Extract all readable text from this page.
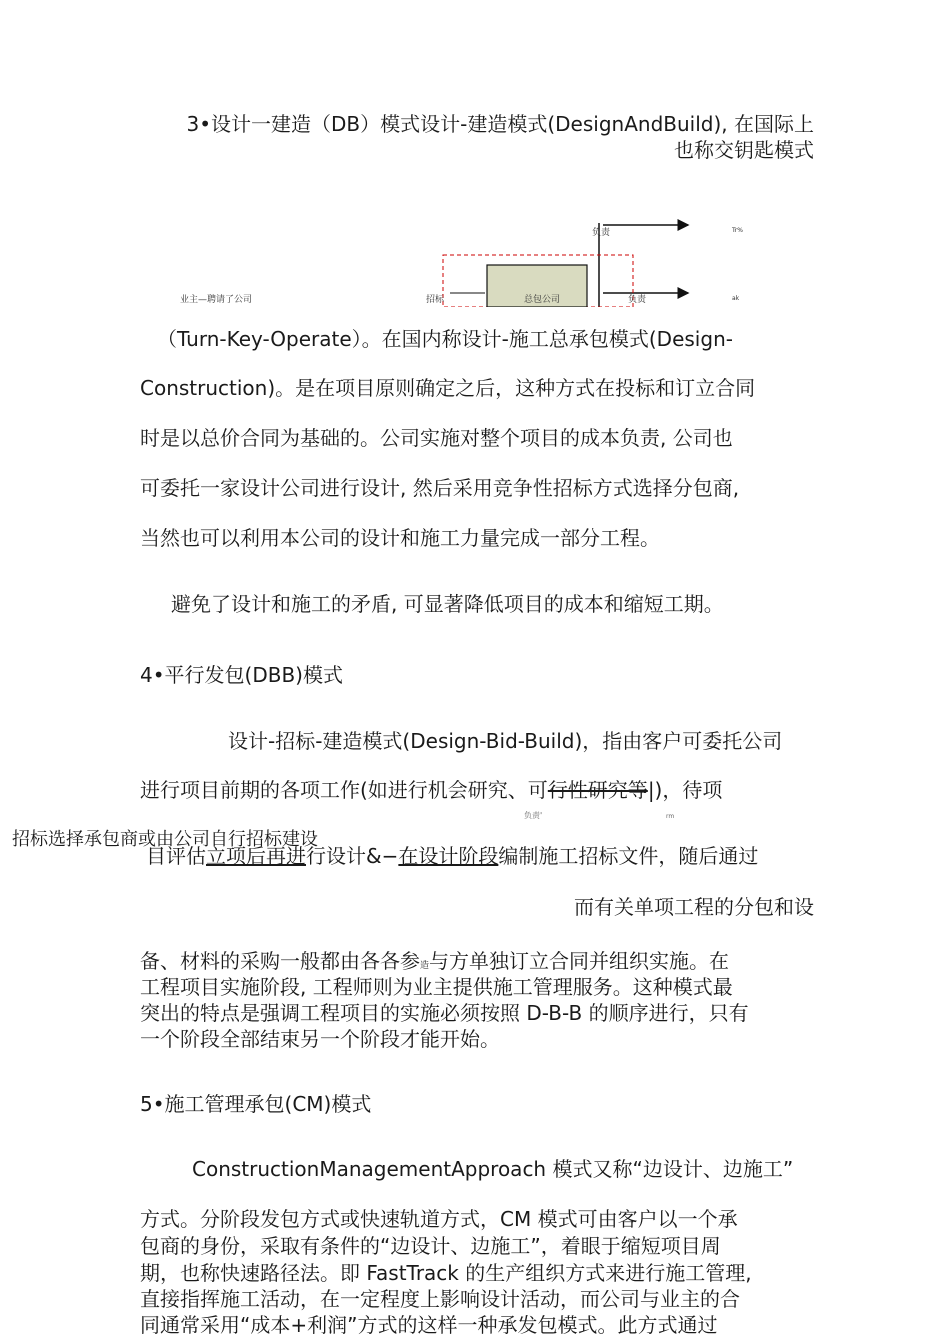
3•设计一建造（DB）模式设计-建造模式(DesignAndBuild), 在国际上
也称交钥匙模式
负责
业主—聘请了公司	招标	总包公司	负责
Tr%
ak
（Turn-Key-Operate）。在国内称设计-施工总承包模式(Design-
Construction)。是在项目原则确定之后，这种方式在投标和订立合同
时是以总价合同为基础的。公司实施对整个项目的成本负责, 公司也
可委托一家设计公司进行设计, 然后采用竞争性招标方式选择分包商,
当然也可以利用本公司的设计和施工力量完成一部分工程。
避免了设计和施工的矛盾, 可显著降低项目的成本和缩短工期。
4•平行发包(DBB)模式
设计-招标-建造模式(Design-Bid-Build)，指由客户可委托公司
进行项目前期的各项工作(如进行机会研究、可行性研究等|)，待项
负责'	rm
招标选择承包商或由公司自行招标建设
目评估立项后再进行设计&−在设计阶段编制施工招标文件，随后通过
而有关单项工程的分包和设
备、材料的采购一般都由各各参造与方单独订立合同并组织实施。在
工程项目实施阶段, 工程师则为业主提供施工管理服务。这种模式最
突出的特点是强调工程项目的实施必须按照 D-B-B 的顺序进行，只有
一个阶段全部结束另一个阶段才能开始。
5•施工管理承包(CM)模式
ConstructionManagementApproach 模式又称“边设计、边施工”
方式。分阶段发包方式或快速轨道方式，CM 模式可由客户以一个承
包商的身份，采取有条件的“边设计、边施工”，着眼于缩短项目周
期，也称快速路径法。即 FastTrack 的生产组织方式来进行施工管理,
直接指挥施工活动，在一定程度上影响设计活动，而公司与业主的合
同通常采用“成本+利润”方式的这样一种承发包模式。此方式通过
